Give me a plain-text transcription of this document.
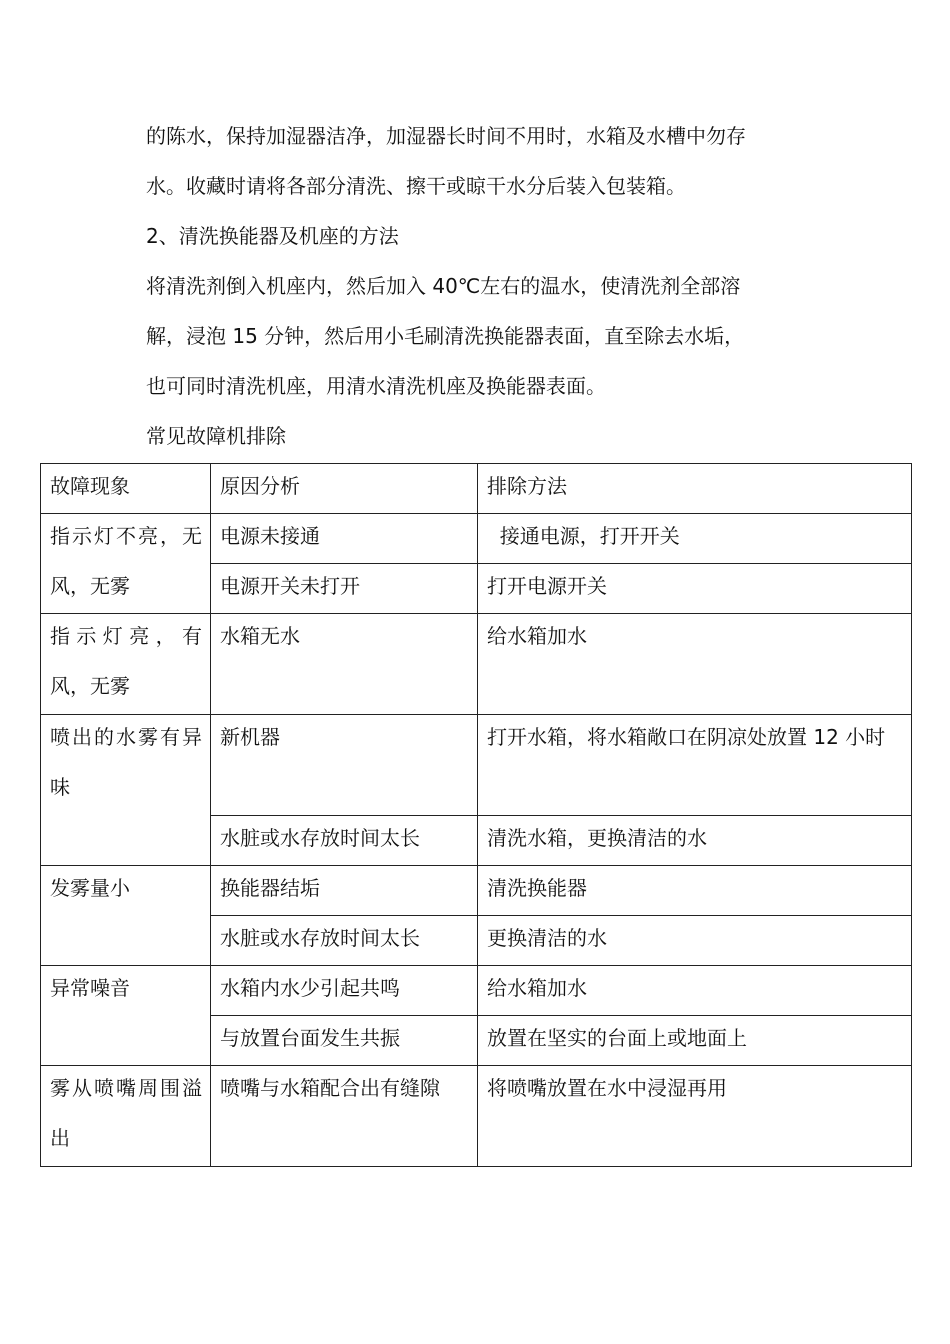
的陈水，保持加湿器洁净，加湿器长时间不用时，水箱及水槽中勿存
水。收藏时请将各部分清洗、擦干或晾干水分后装入包装箱。
2、清洗换能器及机座的方法
将清洗剂倒入机座内，然后加入 40℃左右的温水，使清洗剂全部溶
解，浸泡 15 分钟，然后用小毛刷清洗换能器表面，直至除去水垢，
也可同时清洗机座，用清水清洗机座及换能器表面。
常见故障机排除
故障现象	原因分析	排除方法

指示灯不亮，无风，无雾	电源未接通	接通电源，打开开关

	电源开关未打开	打开电源开关

指示灯亮，有风，无雾	水箱无水	给水箱加水

喷出的水雾有异味	新机器	打开水箱，将水箱敞口在阴凉处放置 12 小时

	水脏或水存放时间太长	清洗水箱，更换清洁的水

发雾量小	换能器结垢	清洗换能器

	水脏或水存放时间太长	更换清洁的水

异常噪音	水箱内水少引起共鸣	给水箱加水

	与放置台面发生共振	放置在坚实的台面上或地面上

雾从喷嘴周围溢出	喷嘴与水箱配合出有缝隙	将喷嘴放置在水中浸湿再用
